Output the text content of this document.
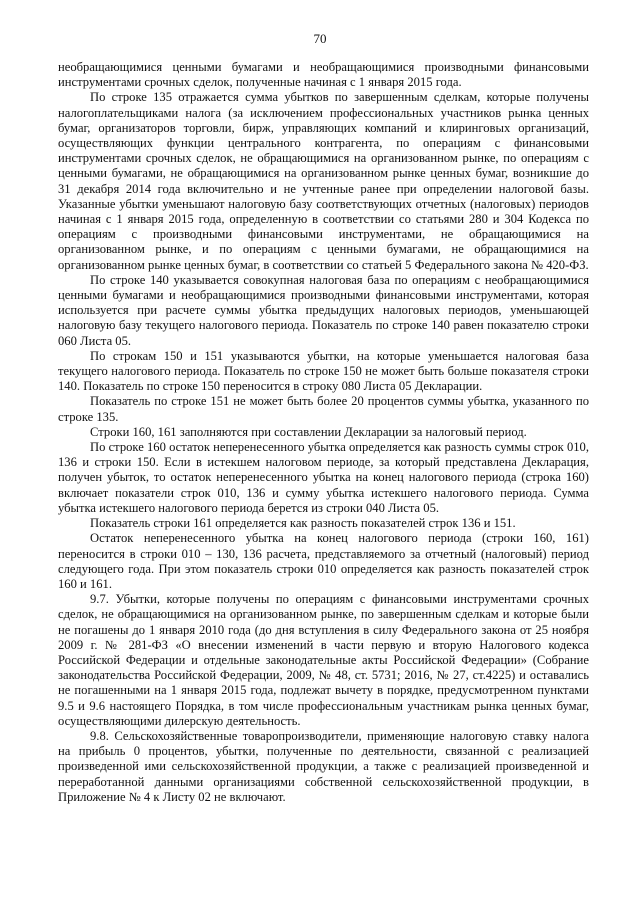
70

необращающимися ценными бумагами и необращающимися производными финансовыми инструментами срочных сделок, полученные начиная с 1 января 2015 года.

По строке 135 отражается сумма убытков по завершенным сделкам, которые получены налогоплательщиками налога (за исключением профессиональных участников рынка ценных бумаг, организаторов торговли, бирж, управляющих компаний и клиринговых организаций, осуществляющих функции центрального контрагента, по операциям с финансовыми инструментами срочных сделок, не обращающимися на организованном рынке, по операциям с ценными бумагами, не обращающимися на организованном рынке ценных бумаг, возникшие до 31 декабря 2014 года включительно и не учтенные ранее при определении налоговой базы. Указанные убытки уменьшают налоговую базу соответствующих отчетных (налоговых) периодов начиная с 1 января 2015 года, определенную в соответствии со статьями 280 и 304 Кодекса по операциям с производными финансовыми инструментами, не обращающимися на организованном рынке, и по операциям с ценными бумагами, не обращающимися на организованном рынке ценных бумаг, в соответствии со статьей 5 Федерального закона № 420-ФЗ.

По строке 140 указывается совокупная налоговая база по операциям с необращающимися ценными бумагами и необращающимися производными финансовыми инструментами, которая используется при расчете суммы убытка предыдущих налоговых периодов, уменьшающей налоговую базу текущего налогового периода. Показатель по строке 140 равен показателю строки 060 Листа 05.

По строкам 150 и 151 указываются убытки, на которые уменьшается налоговая база текущего налогового периода. Показатель по строке 150 не может быть больше показателя строки 140. Показатель по строке 150 переносится в строку 080 Листа 05 Декларации.

Показатель по строке 151 не может быть более 20 процентов суммы убытка, указанного по строке 135.

Строки 160, 161 заполняются при составлении Декларации за налоговый период.

По строке 160 остаток неперенесенного убытка определяется как разность суммы строк 010, 136 и строки 150. Если в истекшем налоговом периоде, за который представлена Декларация, получен убыток, то остаток неперенесенного убытка на конец налогового периода (строка 160) включает показатели строк 010, 136 и сумму убытка истекшего налогового периода. Сумма убытка истекшего налогового периода берется из строки 040 Листа 05.

Показатель строки 161 определяется как разность показателей строк 136 и 151.

Остаток неперенесенного убытка на конец налогового периода (строки 160, 161) переносится в строки 010 – 130, 136 расчета, представляемого за отчетный (налоговый) период следующего года. При этом показатель строки 010 определяется как разность показателей строк 160 и 161.

9.7. Убытки, которые получены по операциям с финансовыми инструментами срочных сделок, не обращающимися на организованном рынке, по завершенным сделкам и которые были не погашены до 1 января 2010 года (до дня вступления в силу Федерального закона от 25 ноября 2009 г. № 281-ФЗ «О внесении изменений в части первую и вторую Налогового кодекса Российской Федерации и отдельные законодательные акты Российской Федерации» (Собрание законодательства Российской Федерации, 2009, № 48, ст. 5731; 2016, № 27, ст.4225) и оставались не погашенными на 1 января 2015 года, подлежат вычету в порядке, предусмотренном пунктами 9.5 и 9.6 настоящего Порядка, в том числе профессиональным участникам рынка ценных бумаг, осуществляющими дилерскую деятельность.

9.8. Сельскохозяйственные товаропроизводители, применяющие налоговую ставку налога на прибыль 0 процентов, убытки, полученные по деятельности, связанной с реализацией произведенной ими сельскохозяйственной продукции, а также с реализацией произведенной и переработанной данными организациями собственной сельскохозяйственной продукции, в Приложение № 4 к Листу 02 не включают.
